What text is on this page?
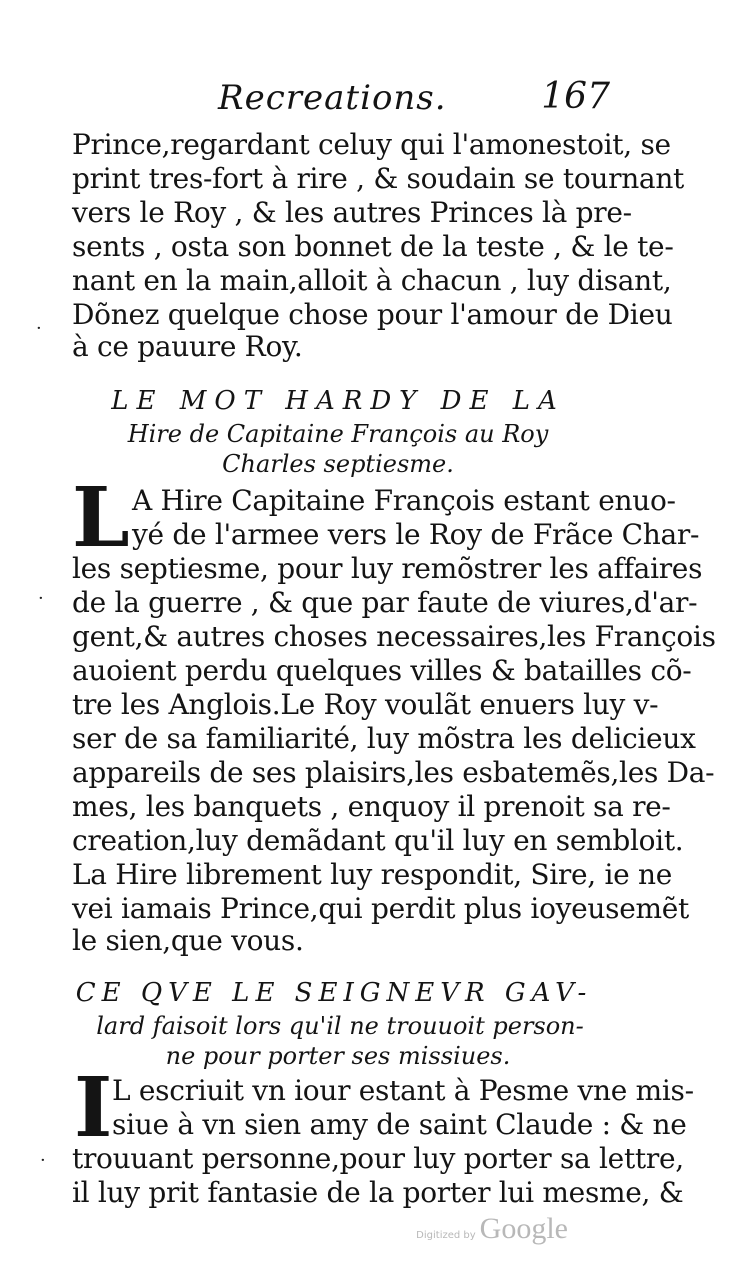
Recreations.	167
Prince,regardant celuy qui l'amonestoit, se
print tres-fort à rire , & soudain se tournant
vers le Roy , & les autres Princes là pre-
sents , osta son bonnet de la teste , & le te-
nant en la main,alloit à chacun , luy disant,
Dõnez quelque chose pour l'amour de Dieu
à ce pauure Roy.
·
LE MOT HARDY DE LA
Hire de Capitaine François au Roy
Charles septiesme.
L A Hire Capitaine François estant enuo-
yé de l'armee vers le Roy de Frãce Char-
les septiesme, pour luy remõstrer les affaires
de la guerre , & que par faute de viures,d'ar-
gent,& autres choses necessaires,les François
auoient perdu quelques villes & batailles cõ-
tre les Anglois.Le Roy voulãt enuers luy v-
ser de sa familiarité, luy mõstra les delicieux
appareils de ses plaisirs,les esbatemẽs,les Da-
mes, les banquets , enquoy il prenoit sa re-
creation,luy demãdant qu'il luy en sembloit.
La Hire librement luy respondit, Sire, ie ne
vei iamais Prince,qui perdit plus ioyeusemẽt
le sien,que vous.
·
CE QVE LE SEIGNEVR GAV-
lard faisoit lors qu'il ne trouuoit person-
ne pour porter ses missiues.
I L escriuit vn iour estant à Pesme vne mis-
siue à vn sien amy de saint Claude : & ne
trouuant personne,pour luy porter sa lettre,
il luy prit fantasie de la porter lui mesme, &
·
Digitized by Google
